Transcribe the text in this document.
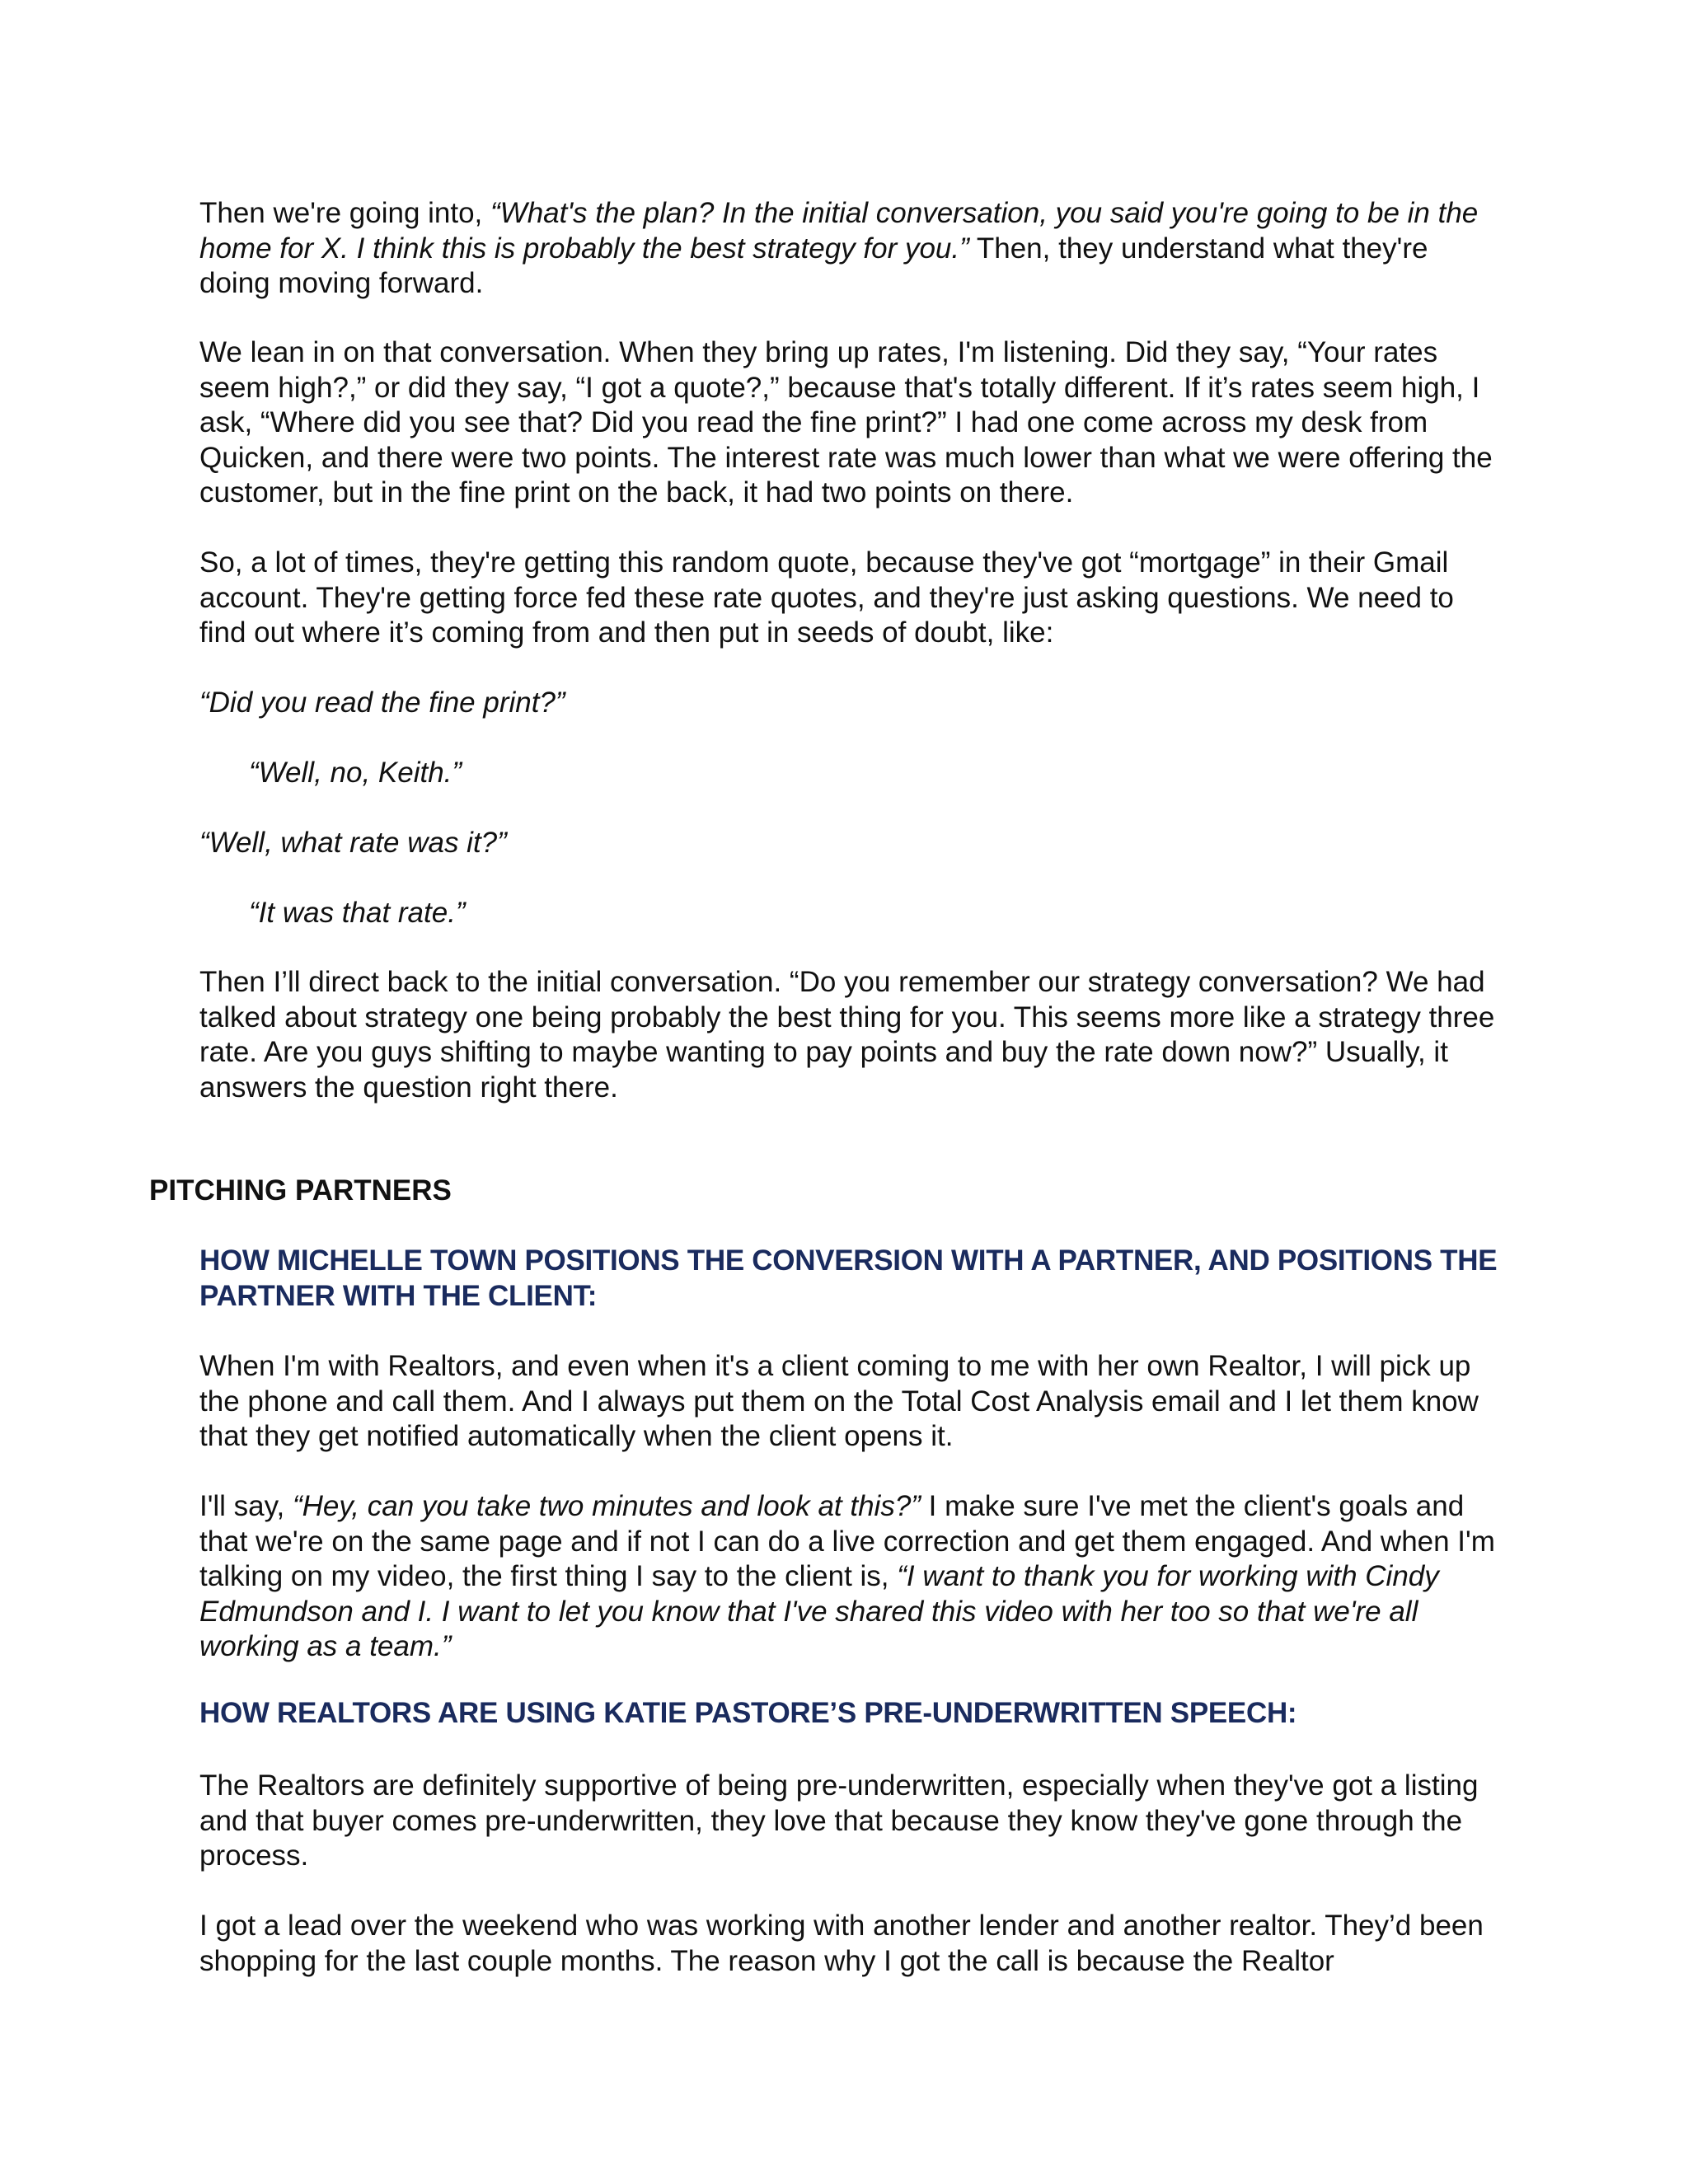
Then we're going into, “What's the plan? In the initial conversation, you said you're going to be in the home for X. I think this is probably the best strategy for you.” Then, they understand what they're doing moving forward.

We lean in on that conversation. When they bring up rates, I'm listening. Did they say, “Your rates seem high?,” or did they say, “I got a quote?,” because that's totally different. If it’s rates seem high, I ask, “Where did you see that? Did you read the fine print?” I had one come across my desk from Quicken, and there were two points. The interest rate was much lower than what we were offering the customer, but in the fine print on the back, it had two points on there.

So, a lot of times, they're getting this random quote, because they've got “mortgage” in their Gmail account. They're getting force fed these rate quotes, and they're just asking questions. We need to find out where it’s coming from and then put in seeds of doubt, like:

“Did you read the fine print?”

“Well, no, Keith.”

“Well, what rate was it?”

“It was that rate.”

Then I’ll direct back to the initial conversation. “Do you remember our strategy conversation? We had talked about strategy one being probably the best thing for you. This seems more like a strategy three rate. Are you guys shifting to maybe wanting to pay points and buy the rate down now?” Usually, it answers the question right there.

PITCHING PARTNERS
HOW MICHELLE TOWN POSITIONS THE CONVERSION WITH A PARTNER, AND POSITIONS THE PARTNER WITH THE CLIENT:

When I'm with Realtors, and even when it's a client coming to me with her own Realtor, I will pick up the phone and call them. And I always put them on the Total Cost Analysis email and I let them know that they get notified automatically when the client opens it.

I'll say, “Hey, can you take two minutes and look at this?” I make sure I've met the client's goals and that we're on the same page and if not I can do a live correction and get them engaged. And when I'm talking on my video, the first thing I say to the client is, “I want to thank you for working with Cindy Edmundson and I. I want to let you know that I've shared this video with her too so that we're all working as a team.”

HOW REALTORS ARE USING KATIE PASTORE’S PRE-UNDERWRITTEN SPEECH:

The Realtors are definitely supportive of being pre-underwritten, especially when they've got a listing and that buyer comes pre-underwritten, they love that because they know they've gone through the process.

I got a lead over the weekend who was working with another lender and another realtor. They’d been shopping for the last couple months. The reason why I got the call is because the Realtor
